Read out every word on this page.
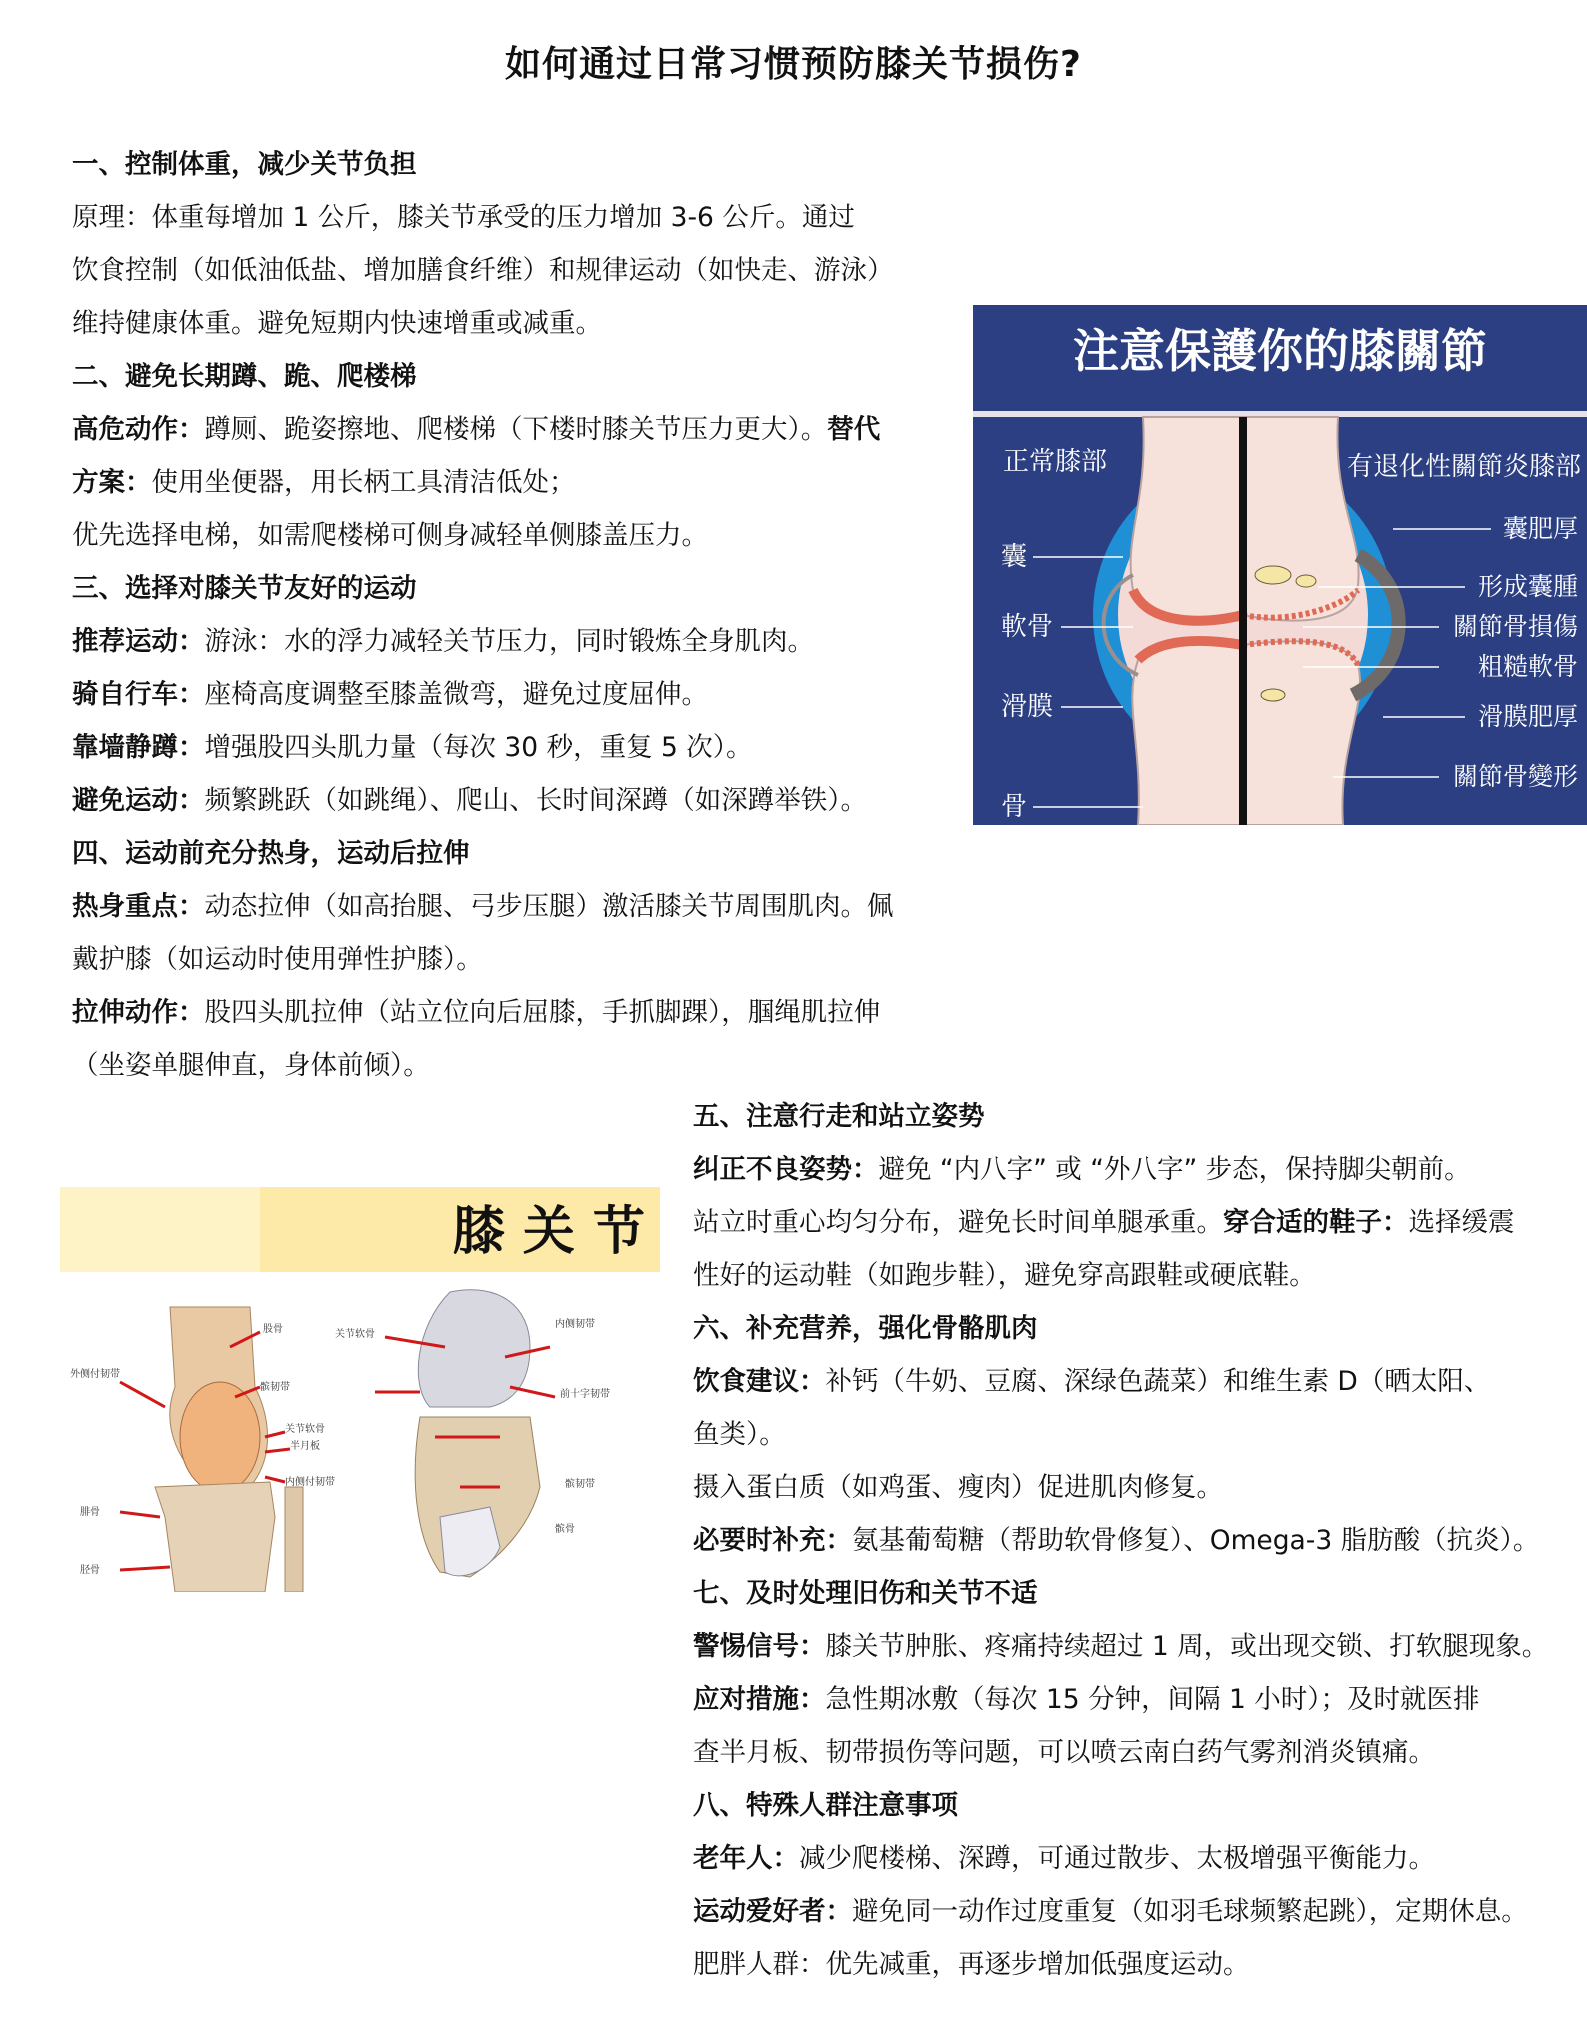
如何通过日常习惯预防膝关节损伤?

一、控制体重，减少关节负担

原理：体重每增加 1 公斤，膝关节承受的压力增加 3-6 公斤。通过

饮食控制（如低油低盐、增加膳食纤维）和规律运动（如快走、游泳）

维持健康体重。避免短期内快速增重或减重。

二、避免长期蹲、跪、爬楼梯

高危动作：蹲厕、跪姿擦地、爬楼梯（下楼时膝关节压力更大）。替代

方案：使用坐便器，用长柄工具清洁低处；

优先选择电梯，如需爬楼梯可侧身减轻单侧膝盖压力。

三、选择对膝关节友好的运动

推荐运动：游泳：水的浮力减轻关节压力，同时锻炼全身肌肉。

骑自行车：座椅高度调整至膝盖微弯，避免过度屈伸。

靠墙静蹲：增强股四头肌力量（每次 30 秒，重复 5 次）。

避免运动：频繁跳跃（如跳绳）、爬山、长时间深蹲（如深蹲举铁）。

四、运动前充分热身，运动后拉伸

热身重点：动态拉伸（如高抬腿、弓步压腿）激活膝关节周围肌肉。佩

戴护膝（如运动时使用弹性护膝）。

拉伸动作：股四头肌拉伸（站立位向后屈膝，手抓脚踝），腘绳肌拉伸

（坐姿单腿伸直，身体前倾）。

注意保護你的膝關節
正常膝部	有退化性關節炎膝部
囊
軟骨
滑膜
骨
囊肥厚
形成囊腫
關節骨損傷
粗糙軟骨
滑膜肥厚
關節骨變形
膝 关 节
股骨
髌韧带
外侧付韧带
关节软骨
半月板
内侧付韧带
腓骨
胫骨
关节软骨
内侧韧带
前十字韧带
髌韧带
髌骨

五、注意行走和站立姿势

纠正不良姿势：避免 “内八字” 或 “外八字” 步态，保持脚尖朝前。

站立时重心均匀分布，避免长时间单腿承重。穿合适的鞋子：选择缓震

性好的运动鞋（如跑步鞋），避免穿高跟鞋或硬底鞋。

六、补充营养，强化骨骼肌肉

饮食建议：补钙（牛奶、豆腐、深绿色蔬菜）和维生素 D（晒太阳、

鱼类）。

摄入蛋白质（如鸡蛋、瘦肉）促进肌肉修复。

必要时补充：氨基葡萄糖（帮助软骨修复）、Omega-3 脂肪酸（抗炎）。

七、及时处理旧伤和关节不适

警惕信号：膝关节肿胀、疼痛持续超过 1 周，或出现交锁、打软腿现象。

应对措施：急性期冰敷（每次 15 分钟，间隔 1 小时）；及时就医排

查半月板、韧带损伤等问题，可以喷云南白药气雾剂消炎镇痛。

八、特殊人群注意事项

老年人：减少爬楼梯、深蹲，可通过散步、太极增强平衡能力。

运动爱好者：避免同一动作过度重复（如羽毛球频繁起跳），定期休息。

肥胖人群：优先减重，再逐步增加低强度运动。
